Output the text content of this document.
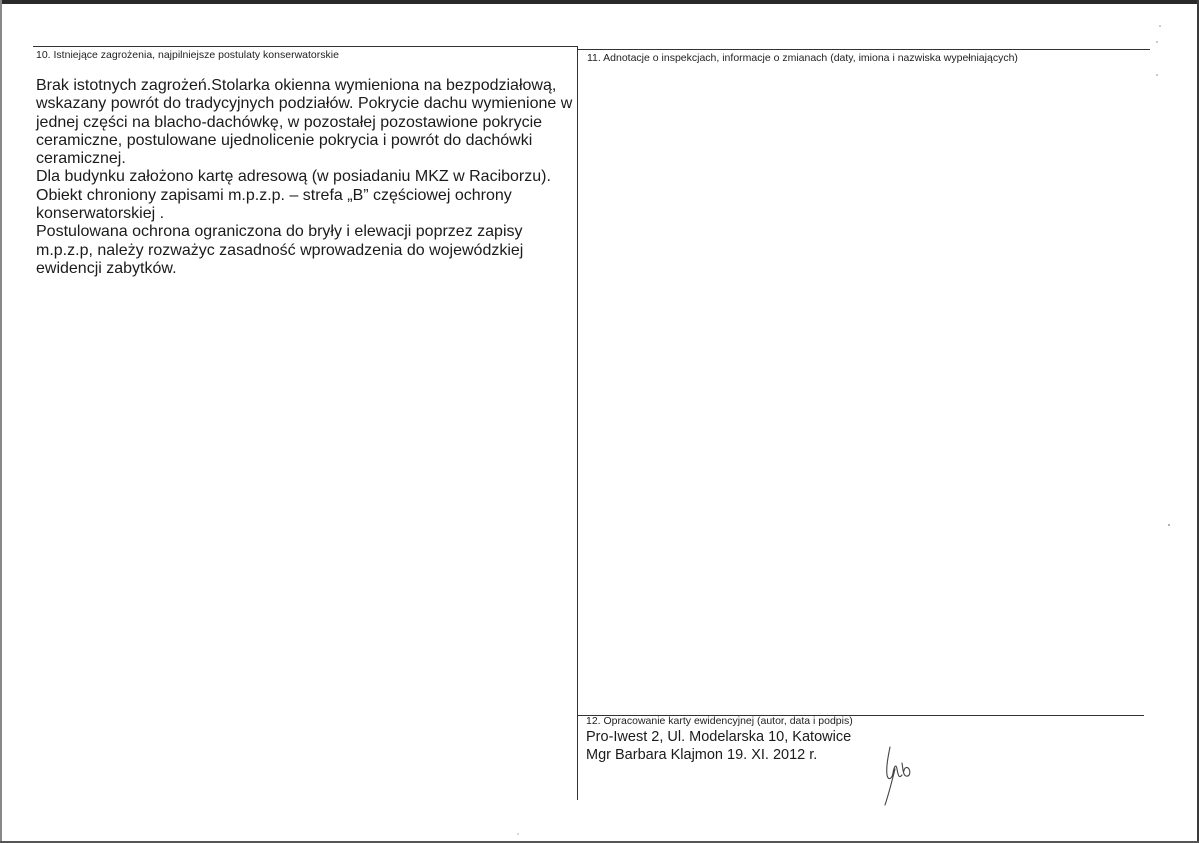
10. Istniejące zagrożenia, najpilniejsze postulaty konserwatorskie

Brak istotnych zagrożeń.Stolarka okienna wymieniona na bezpodziałową, wskazany powrót do tradycyjnych podziałów. Pokrycie dachu wymienione w jednej części na blacho-dachówkę, w pozostałej pozostawione pokrycie ceramiczne, postulowane ujednolicenie pokrycia i powrót do dachówki ceramicznej.

Dla budynku założono kartę adresową (w posiadaniu MKZ w Raciborzu).

Obiekt chroniony zapisami m.p.z.p. – strefa „B” częściowej ochrony konserwatorskiej .

Postulowana ochrona ograniczona do bryły i elewacji poprzez zapisy m.p.z.p, należy rozważyc zasadność wprowadzenia do wojewódzkiej ewidencji zabytków.

11. Adnotacje o inspekcjach, informacje o zmianach (daty, imiona i nazwiska wypełniających)
12. Opracowanie karty ewidencyjnej (autor, data i podpis)
Pro-Iwest 2, Ul. Modelarska 10, Katowice
Mgr Barbara Klajmon 19. XI. 2012 r.
